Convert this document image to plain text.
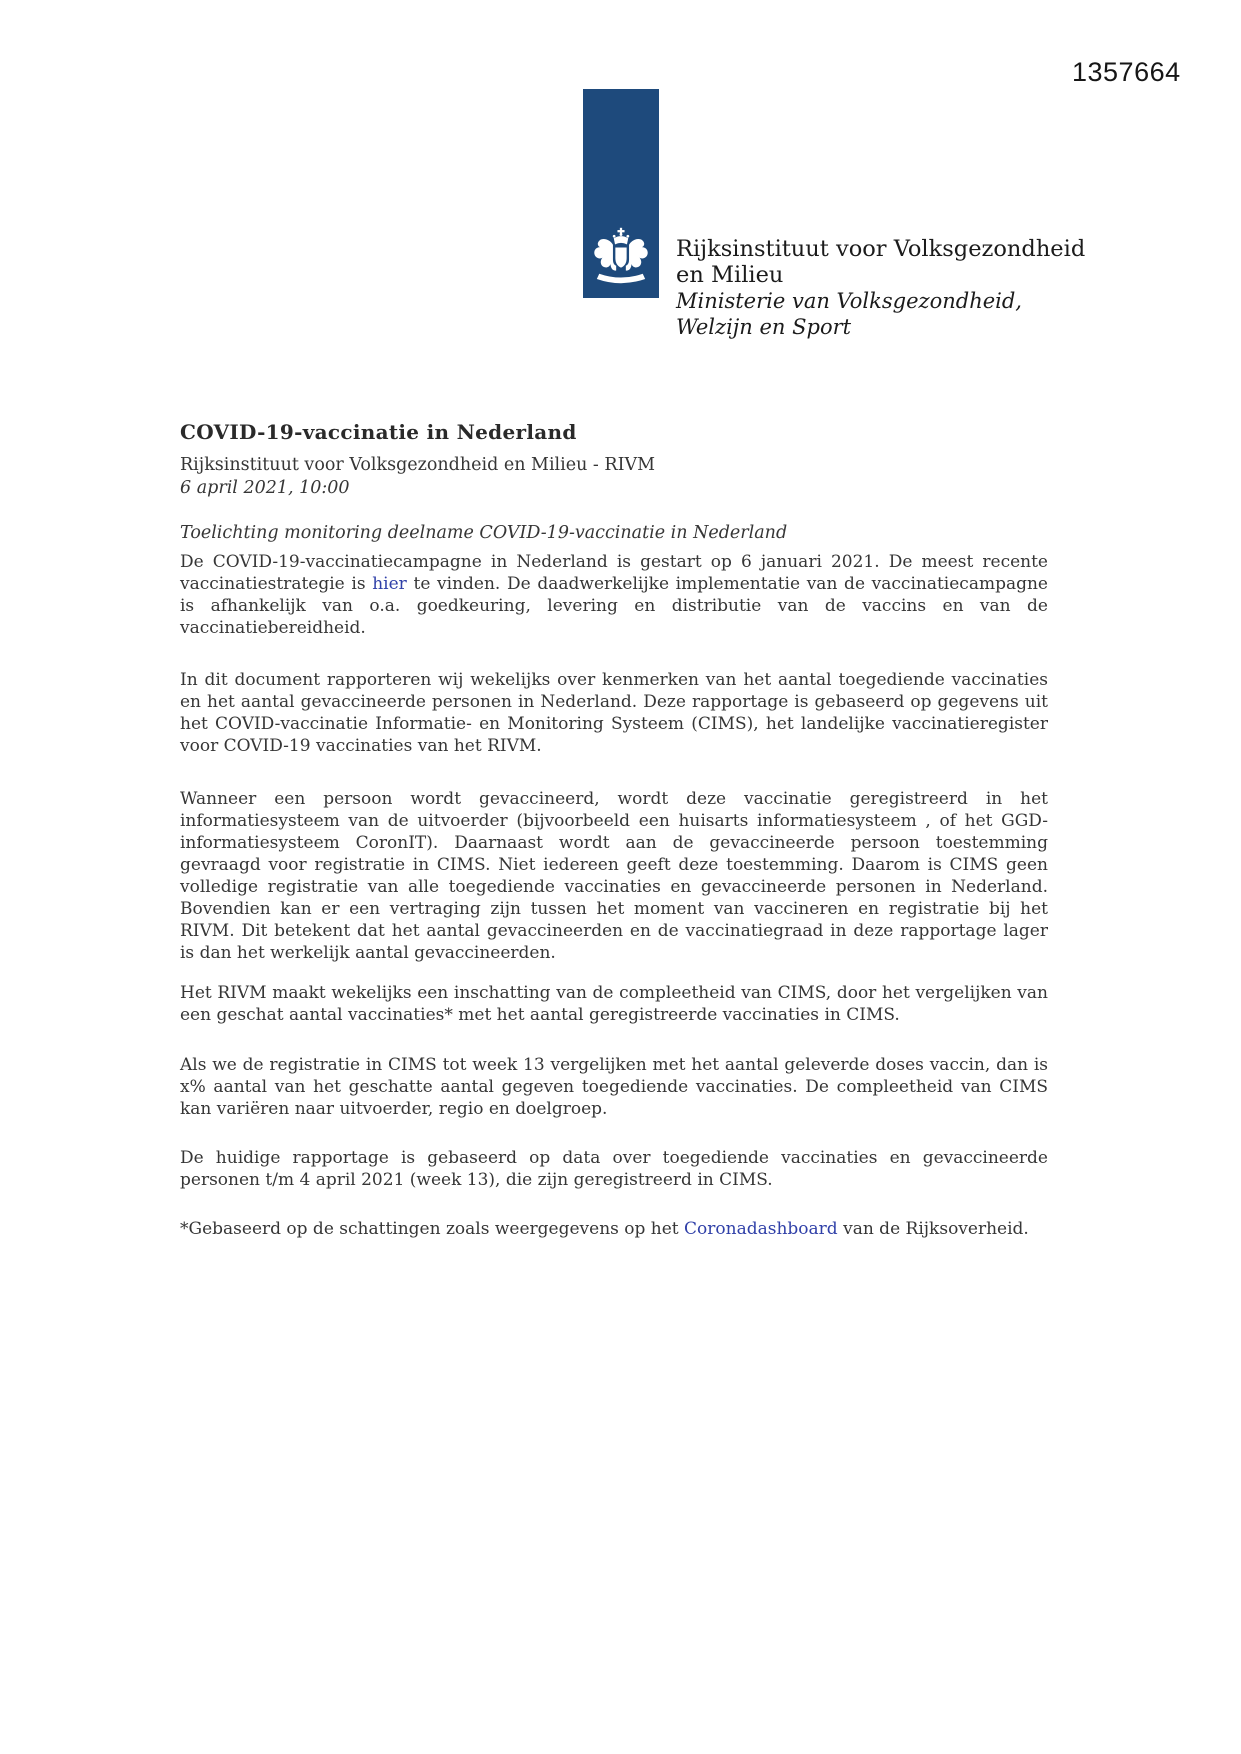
1357664
Rijksinstituut voor Volksgezondheid
en Milieu
Ministerie van Volksgezondheid,
Welzijn en Sport
COVID-19-vaccinatie in Nederland
Rijksinstituut voor Volksgezondheid en Milieu - RIVM
6 april 2021, 10:00
Toelichting monitoring deelname COVID-19-vaccinatie in Nederland

De COVID-19-vaccinatiecampagne in Nederland is gestart op 6 januari 2021. De meest recente vaccinatiestrategie is hier te vinden. De daadwerkelijke implementatie van de vaccinatiecampagne is afhankelijk van o.a. goedkeuring, levering en distributie van de vaccins en van de vaccinatiebereidheid.

In dit document rapporteren wij wekelijks over kenmerken van het aantal toegediende vaccinaties en het aantal gevaccineerde personen in Nederland. Deze rapportage is gebaseerd op gegevens uit het COVID-vaccinatie Informatie- en Monitoring Systeem (CIMS), het landelijke vaccinatieregister voor COVID-19 vaccinaties van het RIVM.

Wanneer een persoon wordt gevaccineerd, wordt deze vaccinatie geregistreerd in het informatiesysteem van de uitvoerder (bijvoorbeeld een huisarts informatiesysteem , of het GGD-informatiesysteem CoronIT). Daarnaast wordt aan de gevaccineerde persoon toestemming gevraagd voor registratie in CIMS. Niet iedereen geeft deze toestemming. Daarom is CIMS geen volledige registratie van alle toegediende vaccinaties en gevaccineerde personen in Nederland. Bovendien kan er een vertraging zijn tussen het moment van vaccineren en registratie bij het RIVM. Dit betekent dat het aantal gevaccineerden en de vaccinatiegraad in deze rapportage lager is dan het werkelijk aantal gevaccineerden.

Het RIVM maakt wekelijks een inschatting van de compleetheid van CIMS, door het vergelijken van een geschat aantal vaccinaties* met het aantal geregistreerde vaccinaties in CIMS.

Als we de registratie in CIMS tot week 13 vergelijken met het aantal geleverde doses vaccin, dan is x% aantal van het geschatte aantal gegeven toegediende vaccinaties. De compleetheid van CIMS kan variëren naar uitvoerder, regio en doelgroep.

De huidige rapportage is gebaseerd op data over toegediende vaccinaties en gevaccineerde personen t/m 4 april 2021 (week 13), die zijn geregistreerd in CIMS.

*Gebaseerd op de schattingen zoals weergegevens op het Coronadashboard van de Rijksoverheid.
